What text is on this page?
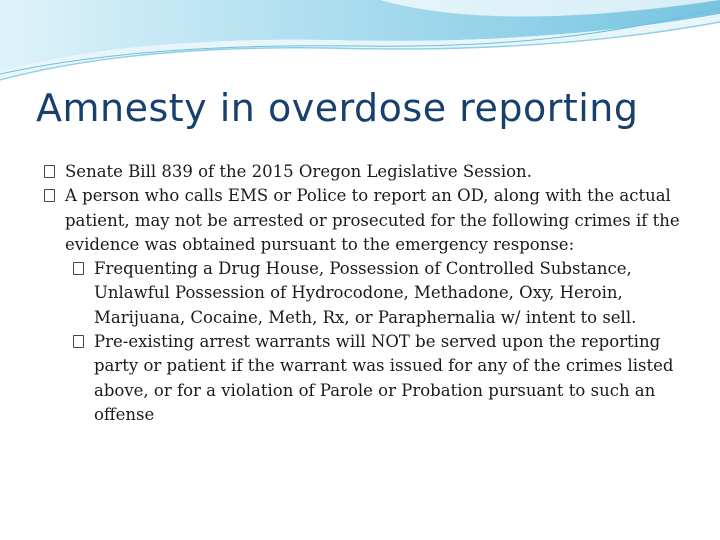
Amnesty in overdose reporting

Senate Bill 839 of the 2015 Oregon Legislative Session.

A person who calls EMS or Police to report an OD, along with the actual patient, may not be arrested or prosecuted for the following crimes if the evidence was obtained pursuant to the emergency response:

Frequenting a Drug House, Possession of Controlled Substance, Unlawful Possession of Hydrocodone, Methadone, Oxy, Heroin, Marijuana, Cocaine, Meth, Rx, or Paraphernalia w/ intent to sell.

Pre-existing arrest warrants will NOT be served upon the reporting party or patient if the warrant was issued for any of the crimes listed above, or for a violation of Parole or Probation pursuant to such an offense
